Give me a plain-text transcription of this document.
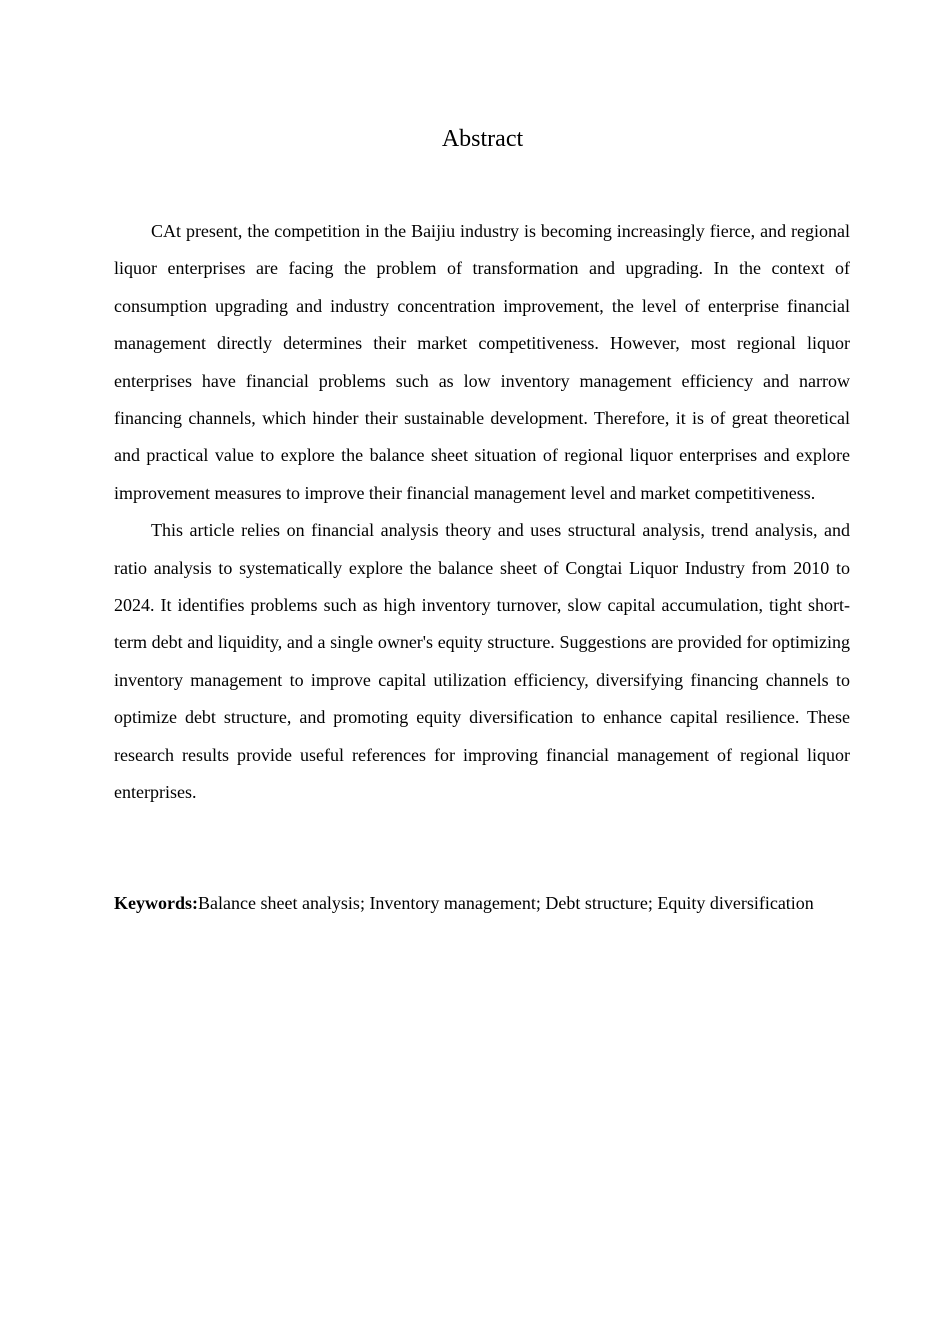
Abstract

CAt present, the competition in the Baijiu industry is becoming increasingly fierce, and regional liquor enterprises are facing the problem of transformation and upgrading. In the context of consumption upgrading and industry concentration improvement, the level of enterprise financial management directly determines their market competitiveness. However, most regional liquor enterprises have financial problems such as low inventory management efficiency and narrow financing channels, which hinder their sustainable development. Therefore, it is of great theoretical and practical value to explore the balance sheet situation of regional liquor enterprises and explore improvement measures to improve their financial management level and market competitiveness.

This article relies on financial analysis theory and uses structural analysis, trend analysis, and ratio analysis to systematically explore the balance sheet of Congtai Liquor Industry from 2010 to 2024. It identifies problems such as high inventory turnover, slow capital accumulation, tight short-term debt and liquidity, and a single owner's equity structure. Suggestions are provided for optimizing inventory management to improve capital utilization efficiency, diversifying financing channels to optimize debt structure, and promoting equity diversification to enhance capital resilience. These research results provide useful references for improving financial management of regional liquor enterprises.

Keywords:Balance sheet analysis; Inventory management; Debt structure; Equity diversification
